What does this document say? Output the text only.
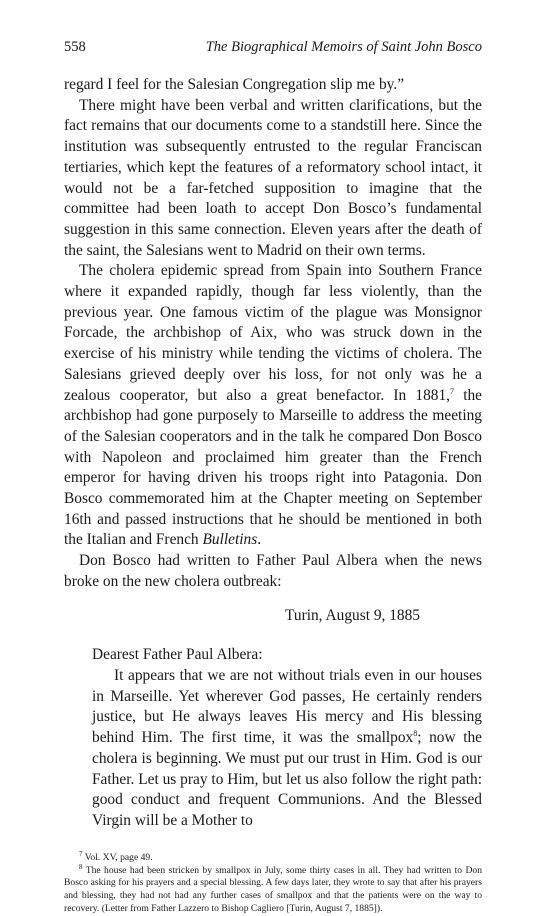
558	The Biographical Memoirs of Saint John Bosco

regard I feel for the Salesian Congregation slip me by.”

There might have been verbal and written clarifications, but the fact remains that our documents come to a standstill here. Since the institution was subsequently entrusted to the regular Franciscan tertiaries, which kept the features of a reformatory school intact, it would not be a far-fetched supposition to imagine that the committee had been loath to accept Don Bosco’s fundamental suggestion in this same connection. Eleven years after the death of the saint, the Salesians went to Madrid on their own terms.

The cholera epidemic spread from Spain into Southern France where it expanded rapidly, though far less violently, than the previous year. One famous victim of the plague was Monsignor Forcade, the archbishop of Aix, who was struck down in the exercise of his ministry while tending the victims of cholera. The Salesians grieved deeply over his loss, for not only was he a zealous cooperator, but also a great benefactor. In 1881,$^7$ the archbishop had gone purposely to Marseille to address the meeting of the Salesian cooperators and in the talk he compared Don Bosco with Napoleon and proclaimed him greater than the French emperor for having driven his troops right into Patagonia. Don Bosco commemorated him at the Chapter meeting on September 16th and passed instructions that he should be mentioned in both the Italian and French Bulletins.

Don Bosco had written to Father Paul Albera when the news broke on the new cholera outbreak:

Turin, August 9, 1885

Dearest Father Paul Albera:

It appears that we are not without trials even in our houses in Marseille. Yet wherever God passes, He certainly renders justice, but He always leaves His mercy and His blessing behind Him. The first time, it was the smallpox$^8$; now the cholera is beginning. We must put our trust in Him. God is our Father. Let us pray to Him, but let us also follow the right path: good conduct and frequent Communions. And the Blessed Virgin will be a Mother to

$^7$ Vol. XV, page 49.

$^8$ The house had been stricken by smallpox in July, some thirty cases in all. They had written to Don Bosco asking for his prayers and a special blessing. A few days later, they wrote to say that after his prayers and blessing, they had not had any further cases of smallpox and that the patients were on the way to recovery. (Letter from Father Lazzero to Bishop Cagliero [Turin, August 7, 1885]).
